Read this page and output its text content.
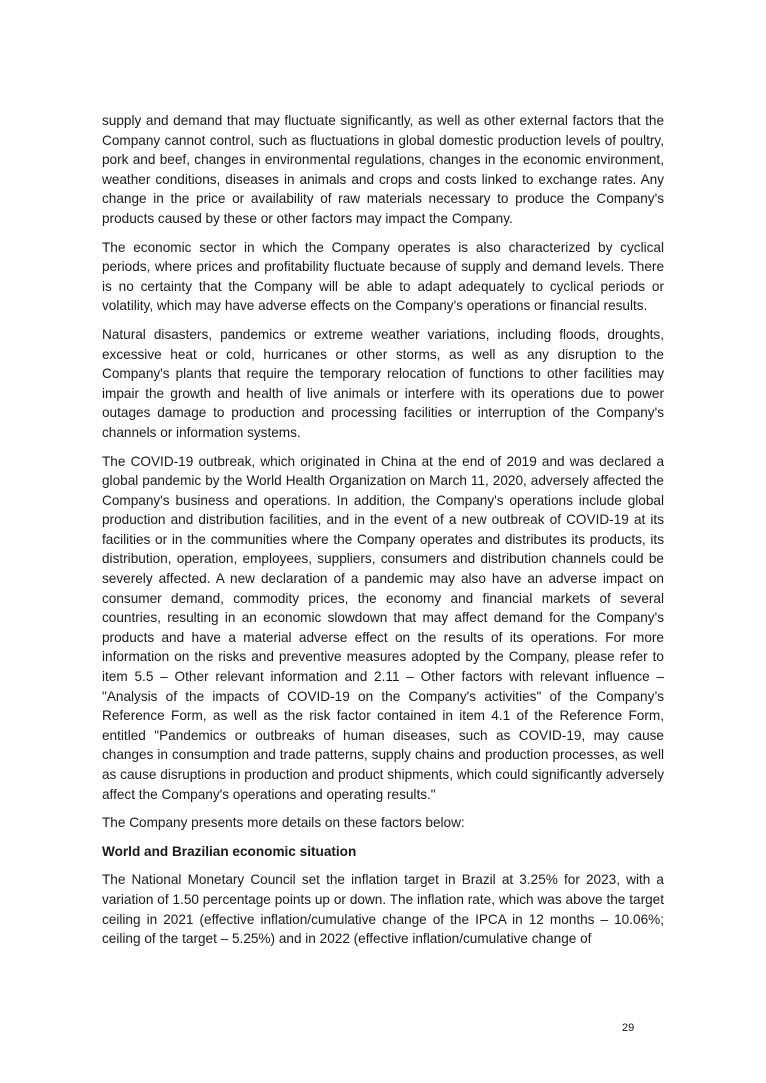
supply and demand that may fluctuate significantly, as well as other external factors that the Company cannot control, such as fluctuations in global domestic production levels of poultry, pork and beef, changes in environmental regulations, changes in the economic environment, weather conditions, diseases in animals and crops and costs linked to exchange rates. Any change in the price or availability of raw materials necessary to produce the Company's products caused by these or other factors may impact the Company.

The economic sector in which the Company operates is also characterized by cyclical periods, where prices and profitability fluctuate because of supply and demand levels. There is no certainty that the Company will be able to adapt adequately to cyclical periods or volatility, which may have adverse effects on the Company's operations or financial results.

Natural disasters, pandemics or extreme weather variations, including floods, droughts, excessive heat or cold, hurricanes or other storms, as well as any disruption to the Company's plants that require the temporary relocation of functions to other facilities may impair the growth and health of live animals or interfere with its operations due to power outages damage to production and processing facilities or interruption of the Company's channels or information systems.

The COVID-19 outbreak, which originated in China at the end of 2019 and was declared a global pandemic by the World Health Organization on March 11, 2020, adversely affected the Company's business and operations. In addition, the Company's operations include global production and distribution facilities, and in the event of a new outbreak of COVID-19 at its facilities or in the communities where the Company operates and distributes its products, its distribution, operation, employees, suppliers, consumers and distribution channels could be severely affected. A new declaration of a pandemic may also have an adverse impact on consumer demand, commodity prices, the economy and financial markets of several countries, resulting in an economic slowdown that may affect demand for the Company's products and have a material adverse effect on the results of its operations. For more information on the risks and preventive measures adopted by the Company, please refer to item 5.5 – Other relevant information and 2.11 – Other factors with relevant influence – "Analysis of the impacts of COVID-19 on the Company's activities" of the Company’s Reference Form, as well as the risk factor contained in item 4.1 of the Reference Form, entitled "Pandemics or outbreaks of human diseases, such as COVID-19, may cause changes in consumption and trade patterns, supply chains and production processes, as well as cause disruptions in production and product shipments, which could significantly adversely affect the Company's operations and operating results."

The Company presents more details on these factors below:

World and Brazilian economic situation

The National Monetary Council set the inflation target in Brazil at 3.25% for 2023, with a variation of 1.50 percentage points up or down. The inflation rate, which was above the target ceiling in 2021 (effective inflation/cumulative change of the IPCA in 12 months – 10.06%; ceiling of the target – 5.25%) and in 2022 (effective inflation/cumulative change of

29
